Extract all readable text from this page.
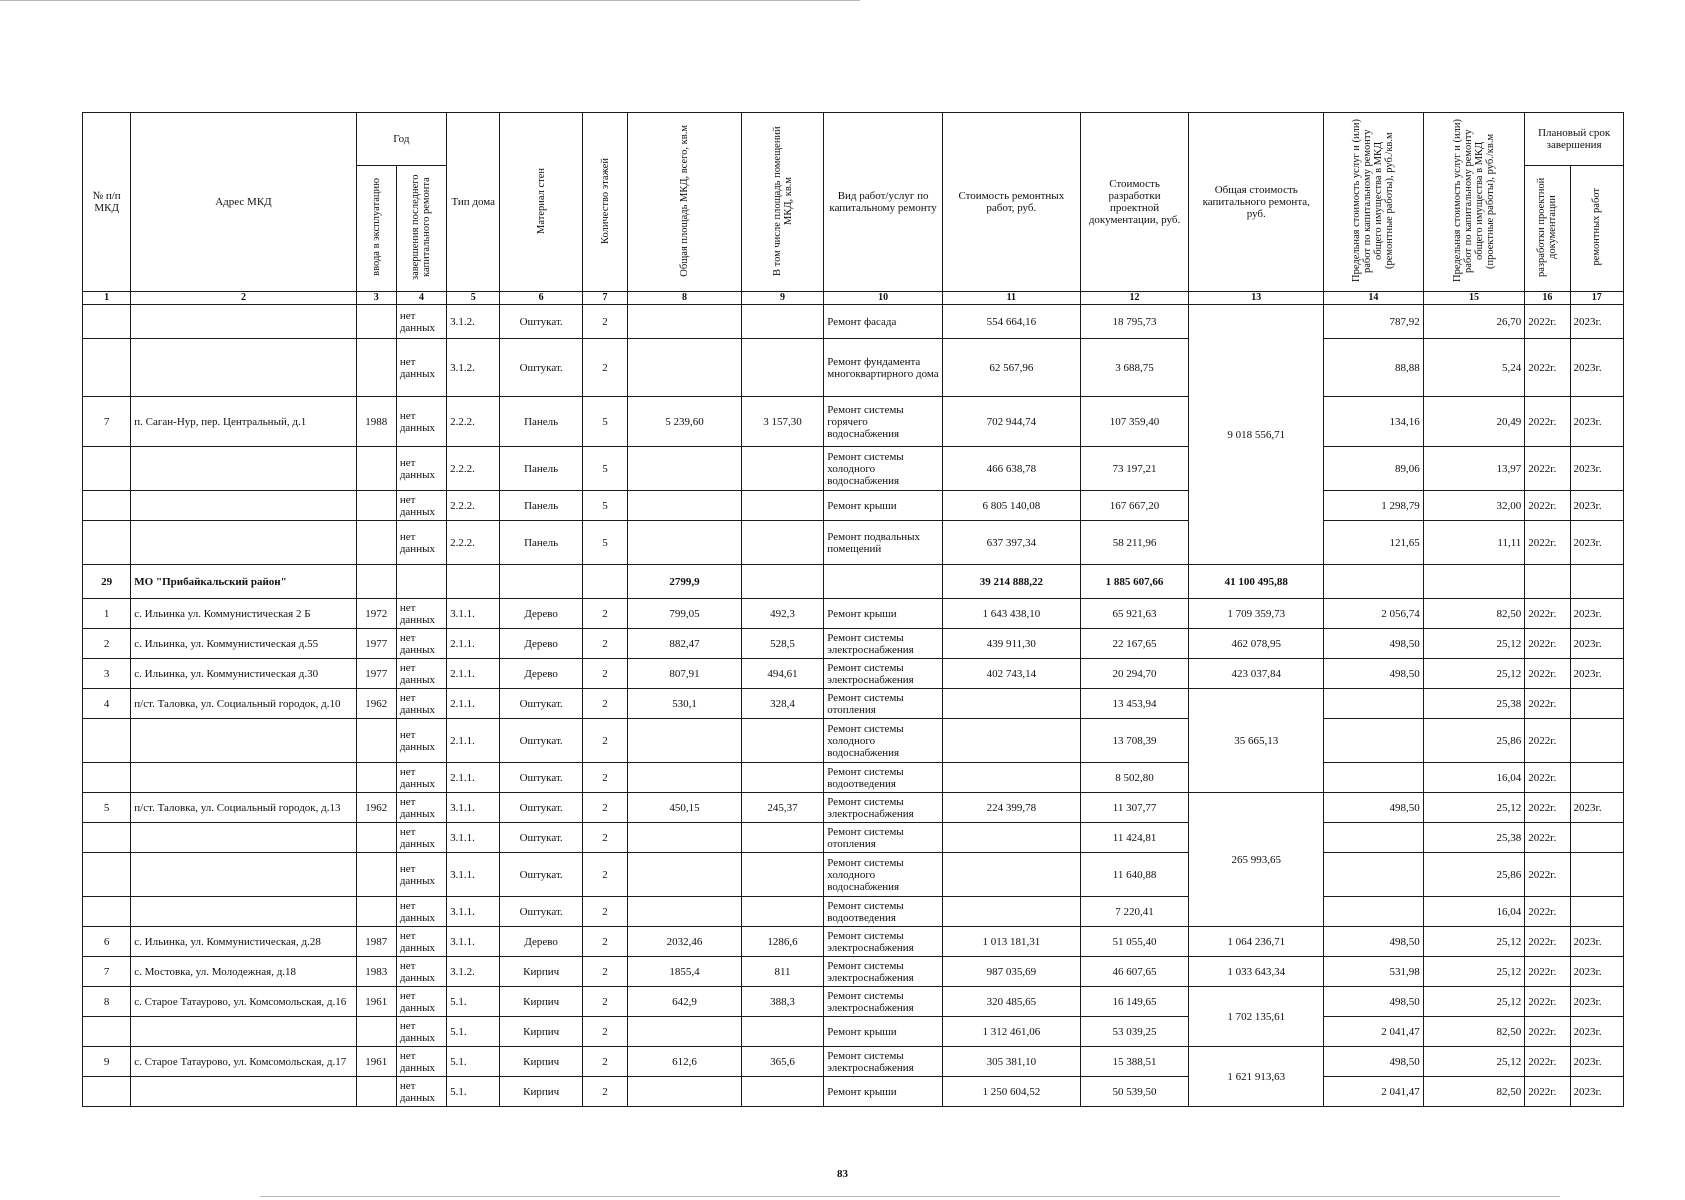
№ п/п МКД	Адрес МКД	Год		Тип дома	Материал стен	Количество этажей	Общая площадь МКД, всего, кв.м	В том числе площадь помещений МКД, кв.м	Вид работ/услуг по капитальному ремонту	Стоимость ремонтных работ, руб.	Стоимость разработки проектной документации, руб.	Общая стоимость капитального ремонта, руб.	Предельная стоимость услуг и (или) работ по капитальному ремонту общего имущества в МКД (ремонтные работы), руб./кв.м	Предельная стоимость услуг и (или) работ по капитальному ремонту общего имущества в МКД (проектные работы), руб./кв.м	Плановый срок завершения	
		ввода в эксплуатацию	завершения последнего капитального ремонта												разработки проектной документации	ремонтных работ
1	2	3	4	5	6	7	8	9	10	11	12	13	14	15	16	17
			нет данных	3.1.2.	Оштукат.	2			Ремонт фасада	554 664,16	18 795,73	9 018 556,71	787,92	26,70	2022г.	2023г.
			нет данных	3.1.2.	Оштукат.	2			Ремонт фундамента многоквартирного дома	62 567,96	3 688,75		88,88	5,24	2022г.	2023г.
7	п. Саган-Нур, пер. Центральный, д.1	1988	нет данных	2.2.2.	Панель	5	5 239,60	3 157,30	Ремонт системы горячего водоснабжения	702 944,74	107 359,40		134,16	20,49	2022г.	2023г.
			нет данных	2.2.2.	Панель	5			Ремонт системы холодного водоснабжения	466 638,78	73 197,21		89,06	13,97	2022г.	2023г.
			нет данных	2.2.2.	Панель	5			Ремонт крыши	6 805 140,08	167 667,20		1 298,79	32,00	2022г.	2023г.
			нет данных	2.2.2.	Панель	5			Ремонт подвальных помещений	637 397,34	58 211,96		121,65	11,11	2022г.	2023г.
29	МО "Прибайкальский район"						2799,9			39 214 888,22	1 885 607,66	41 100 495,88				
1	с. Ильинка ул. Коммунистическая 2 Б	1972	нет данных	3.1.1.	Дерево	2	799,05	492,3	Ремонт крыши	1 643 438,10	65 921,63	1 709 359,73	2 056,74	82,50	2022г.	2023г.
2	с. Ильинка, ул. Коммунистическая д.55	1977	нет данных	2.1.1.	Дерево	2	882,47	528,5	Ремонт системы электроснабжения	439 911,30	22 167,65	462 078,95	498,50	25,12	2022г.	2023г.
3	с. Ильинка, ул. Коммунистическая д.30	1977	нет данных	2.1.1.	Дерево	2	807,91	494,61	Ремонт системы электроснабжения	402 743,14	20 294,70	423 037,84	498,50	25,12	2022г.	2023г.
4	п/ст. Таловка, ул. Социальный городок, д.10	1962	нет данных	2.1.1.	Оштукат.	2	530,1	328,4	Ремонт системы отопления		13 453,94	35 665,13		25,38	2022г.	
			нет данных	2.1.1.	Оштукат.	2			Ремонт системы холодного водоснабжения		13 708,39			25,86	2022г.	
			нет данных	2.1.1.	Оштукат.	2			Ремонт системы водоотведения		8 502,80			16,04	2022г.	
5	п/ст. Таловка, ул. Социальный городок, д.13	1962	нет данных	3.1.1.	Оштукат.	2	450,15	245,37	Ремонт системы электроснабжения	224 399,78	11 307,77	265 993,65	498,50	25,12	2022г.	2023г.
			нет данных	3.1.1.	Оштукат.	2			Ремонт системы отопления		11 424,81			25,38	2022г.	
			нет данных	3.1.1.	Оштукат.	2			Ремонт системы холодного водоснабжения		11 640,88			25,86	2022г.	
			нет данных	3.1.1.	Оштукат.	2			Ремонт системы водоотведения		7 220,41			16,04	2022г.	
6	с. Ильинка, ул. Коммунистическая, д.28	1987	нет данных	3.1.1.	Дерево	2	2032,46	1286,6	Ремонт системы электроснабжения	1 013 181,31	51 055,40	1 064 236,71	498,50	25,12	2022г.	2023г.
7	с. Мостовка, ул. Молодежная, д.18	1983	нет данных	3.1.2.	Кирпич	2	1855,4	811	Ремонт системы электроснабжения	987 035,69	46 607,65	1 033 643,34	531,98	25,12	2022г.	2023г.
8	с. Старое Татаурово, ул. Комсомольская, д.16	1961	нет данных	5.1.	Кирпич	2	642,9	388,3	Ремонт системы электроснабжения	320 485,65	16 149,65	1 702 135,61	498,50	25,12	2022г.	2023г.
			нет данных	5.1.	Кирпич	2			Ремонт крыши	1 312 461,06	53 039,25		2 041,47	82,50	2022г.	2023г.
9	с. Старое Татаурово, ул. Комсомольская, д.17	1961	нет данных	5.1.	Кирпич	2	612,6	365,6	Ремонт системы электроснабжения	305 381,10	15 388,51	1 621 913,63	498,50	25,12	2022г.	2023г.
			нет данных	5.1.	Кирпич	2			Ремонт крыши	1 250 604,52	50 539,50		2 041,47	82,50	2022г.	2023г.
83
